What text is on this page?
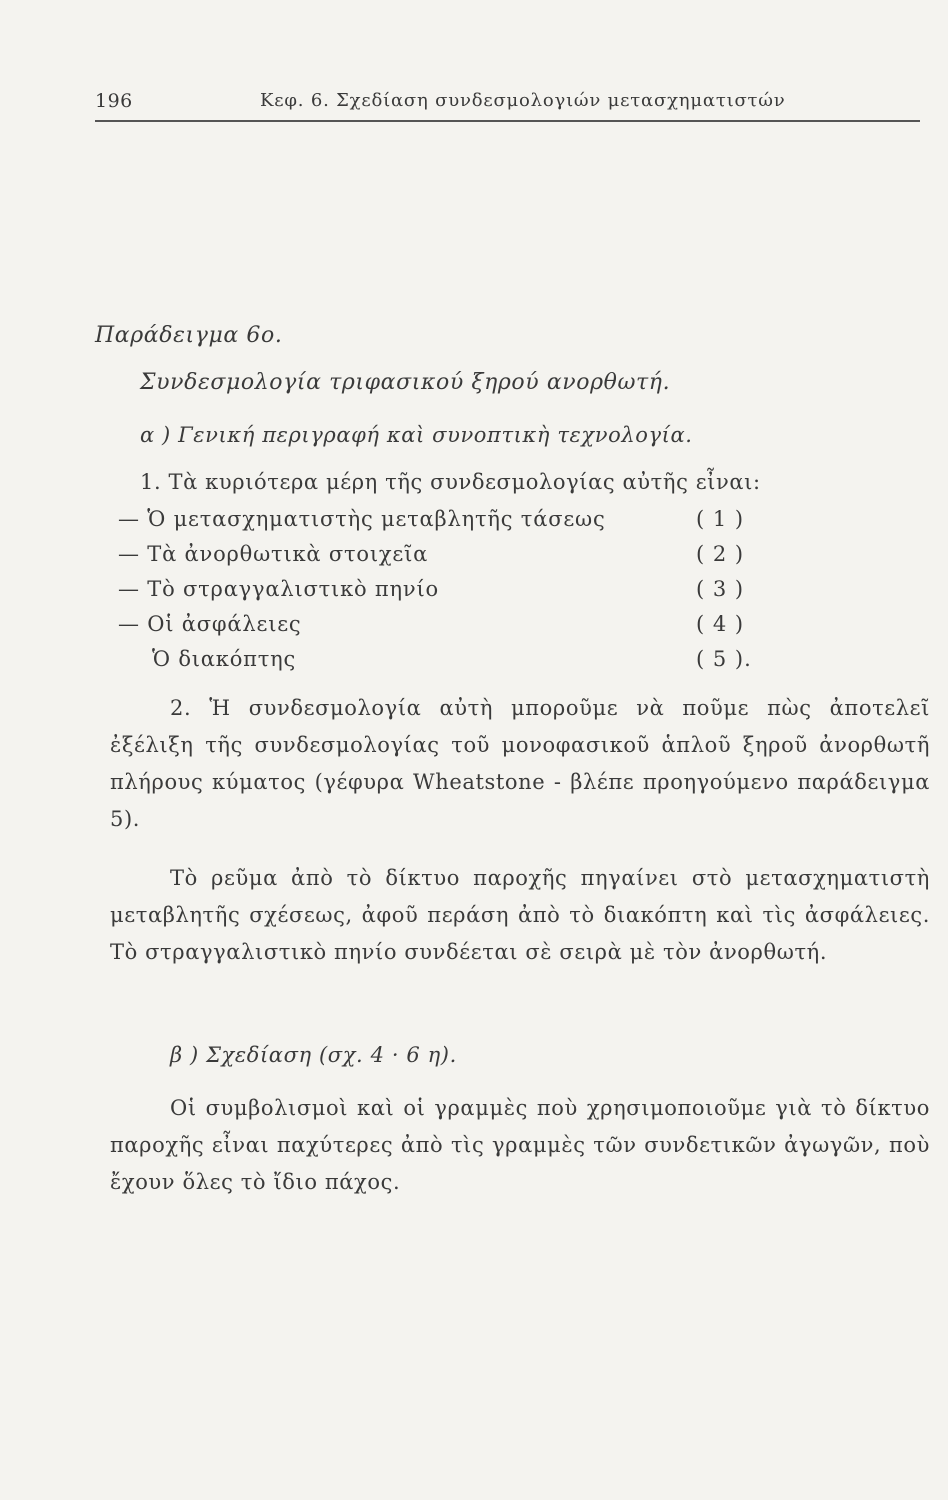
196	Κεφ. 6. Σχεδίαση συνδεσμολογιών μετασχηματιστών
Παράδειγμα 6ο.
Συνδεσμολογία τριφασικού ξηρού ανορθωτή.
α ) Γενική περιγραφή καὶ συνοπτικὴ τεχνολογία.
1. Τὰ κυριότερα μέρη τῆς συνδεσμολογίας αὐτῆς εἶναι:
— Ὁ μετασχηματιστὴς μεταβλητῆς τάσεως	( 1 )
— Τὰ ἀνορθωτικὰ στοιχεῖα	( 2 )
— Τὸ στραγγαλιστικὸ πηνίο	( 3 )
— Οἱ ἀσφάλειες	( 4 )
Ὁ διακόπτης	( 5 ).

2. Ἡ συνδεσμολογία αὐτὴ μποροῦμε νὰ ποῦμε πὼς ἀποτελεῖ ἐξέλιξη τῆς συνδεσμολογίας τοῦ μονοφασικοῦ ἁπλοῦ ξηροῦ ἀνορθωτῆ πλήρους κύματος (γέφυρα Wheatstone - βλέπε προηγούμενο παράδειγμα 5).

Τὸ ρεῦμα ἀπὸ τὸ δίκτυο παροχῆς πηγαίνει στὸ μετασχηματιστὴ μεταβλητῆς σχέσεως, ἀφοῦ περάση ἀπὸ τὸ διακόπτη καὶ τὶς ἀσφάλειες. Τὸ στραγγαλιστικὸ πηνίο συνδέεται σὲ σειρὰ μὲ τὸν ἀνορθωτή.

β ) Σχεδίαση (σχ. 4 · 6 η).

Οἱ συμβολισμοὶ καὶ οἱ γραμμὲς ποὺ χρησιμοποιοῦμε γιὰ τὸ δίκτυο παροχῆς εἶναι παχύτερες ἀπὸ τὶς γραμμὲς τῶν συνδετικῶν ἀγωγῶν, ποὺ ἔχουν ὅλες τὸ ἴδιο πάχος.
